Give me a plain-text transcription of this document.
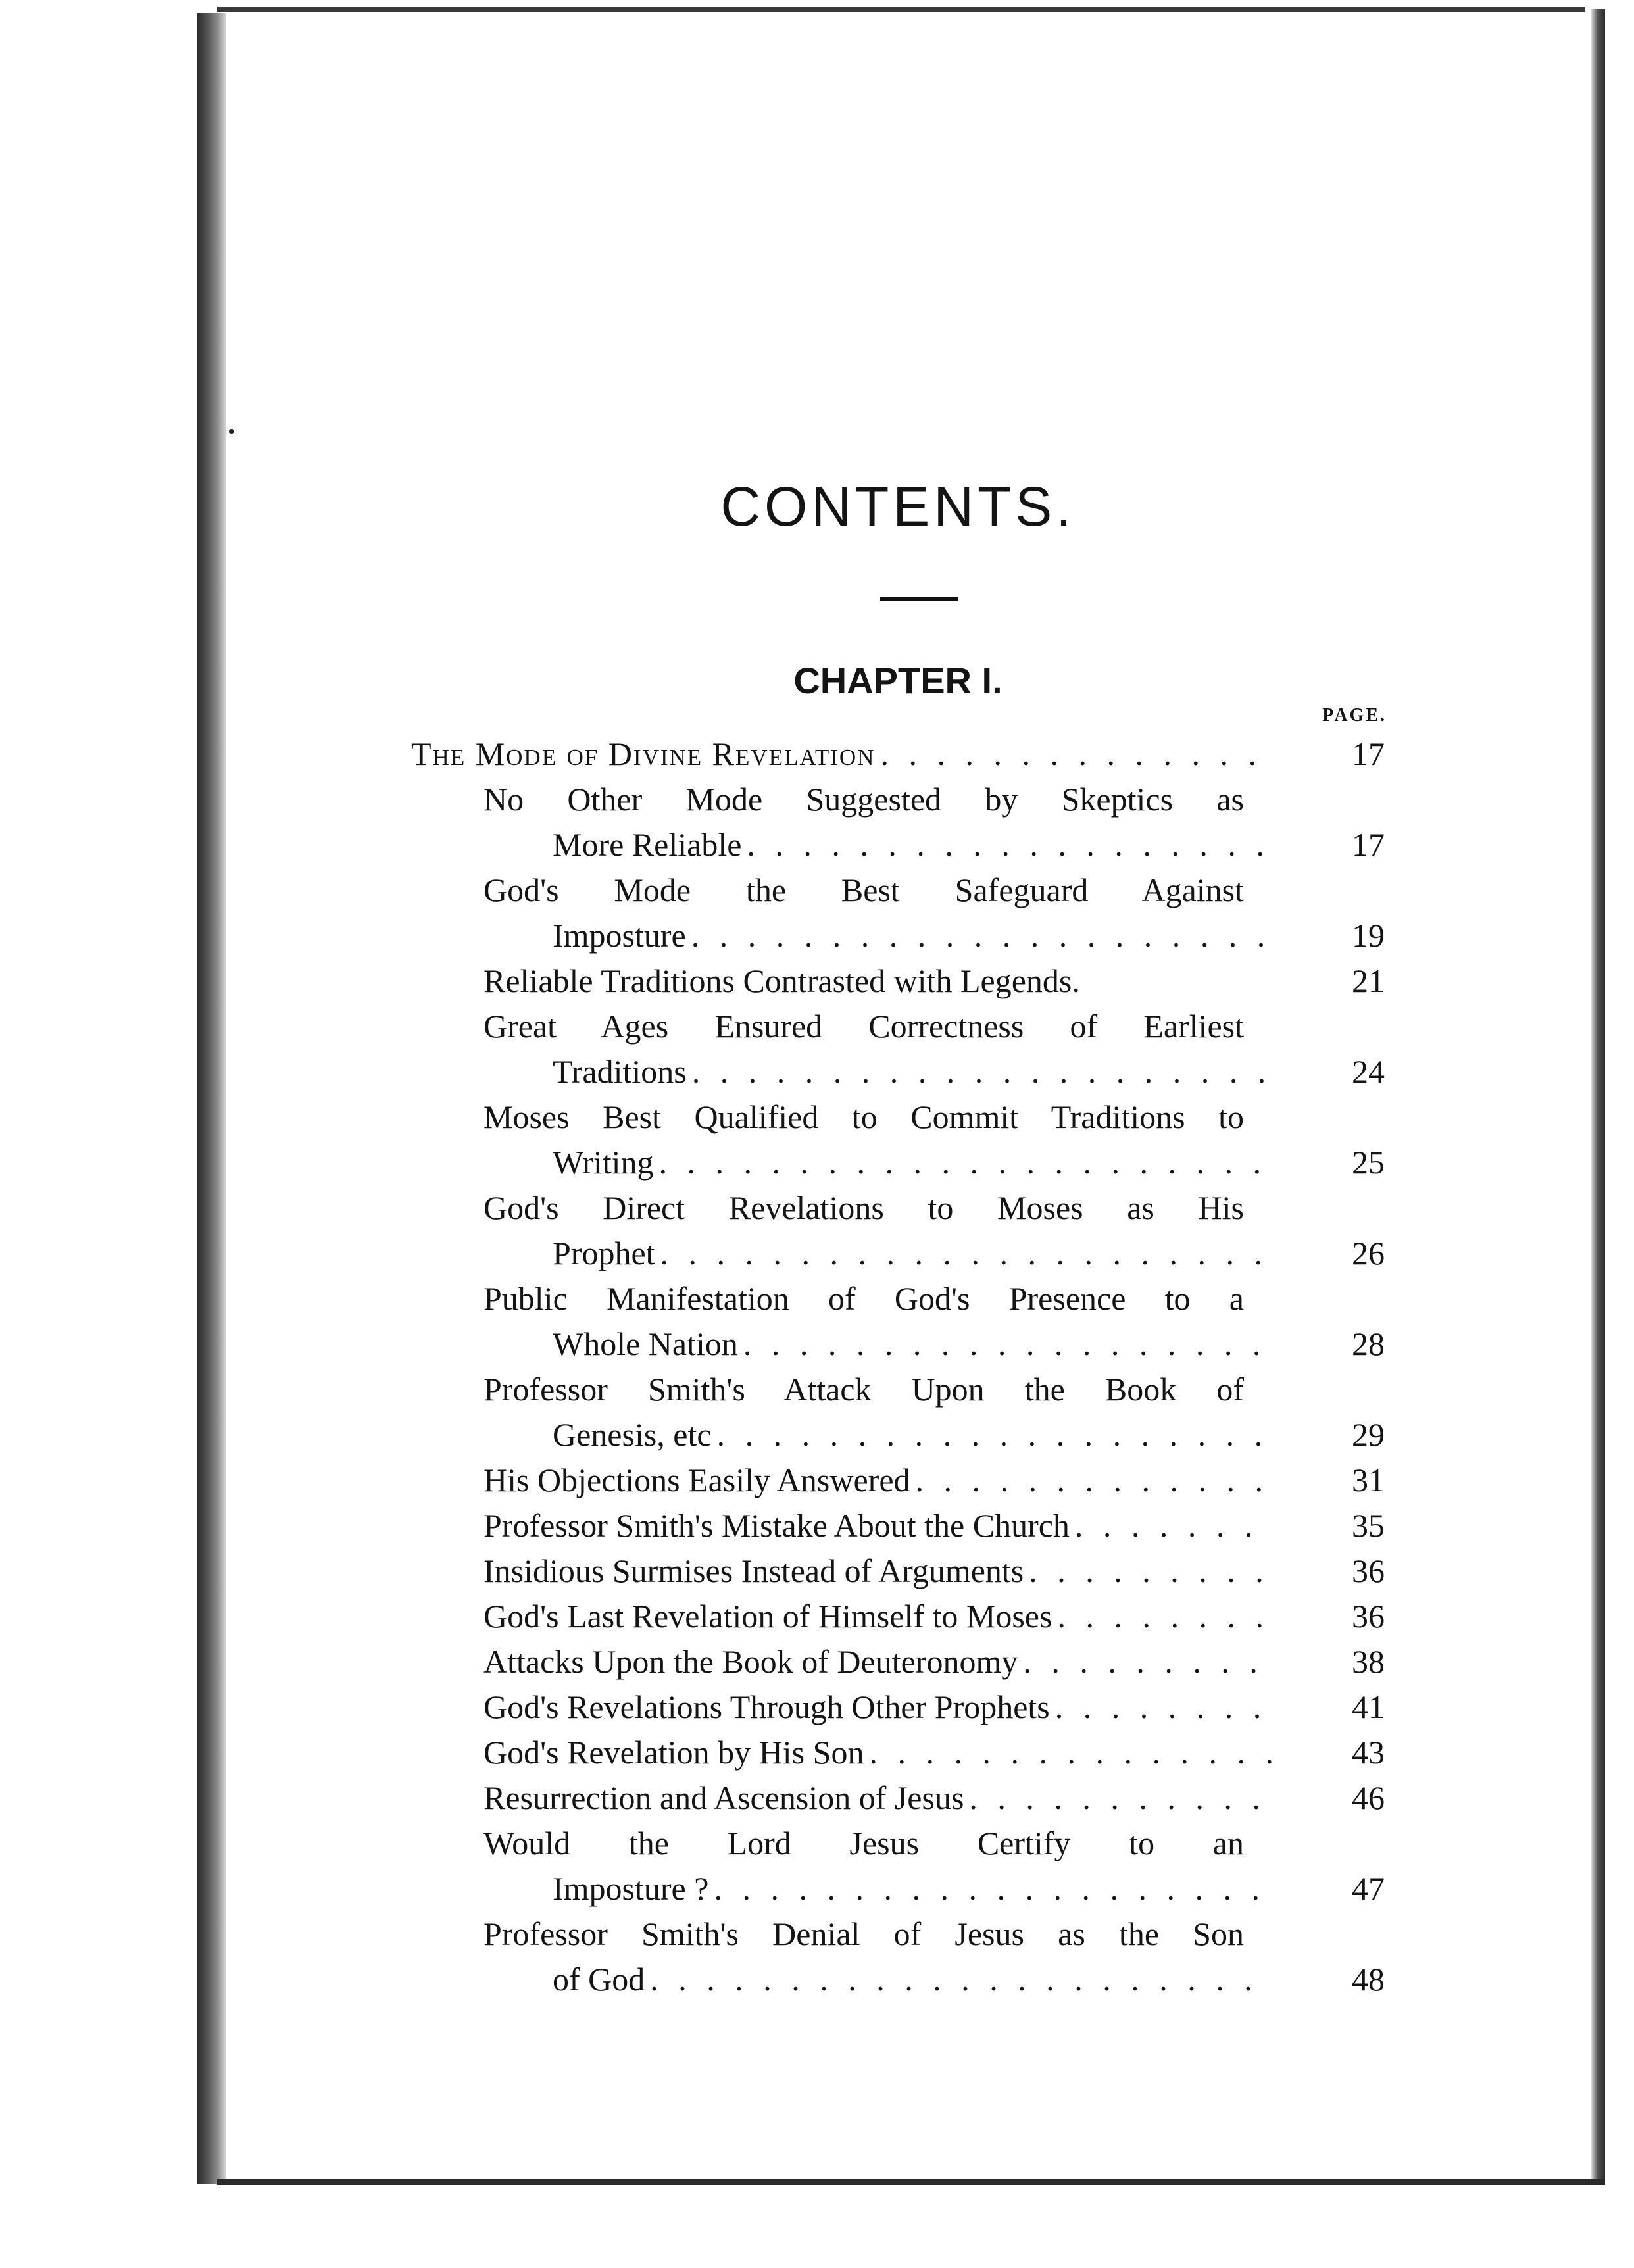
CONTENTS.
CHAPTER I.
PAGE.
The Mode of Divine Revelation . . .	17
No Other Mode Suggested by Skeptics as
More Reliable . . .	17
God's Mode the Best Safeguard Against
Imposture . . .	19
Reliable Traditions Contrasted with Legends.	21
Great Ages Ensured Correctness of Earliest
Traditions . . .	24
Moses Best Qualified to Commit Traditions to
Writing . . .	25
God's Direct Revelations to Moses as His
Prophet . . .	26
Public Manifestation of God's Presence to a
Whole Nation . . .	28
Professor Smith's Attack Upon the Book of
Genesis, etc . . .	29
His Objections Easily Answered . . .	31
Professor Smith's Mistake About the Church . . .	35
Insidious Surmises Instead of Arguments . . .	36
God's Last Revelation of Himself to Moses . . .	36
Attacks Upon the Book of Deuteronomy . . .	38
God's Revelations Through Other Prophets . . .	41
God's Revelation by His Son . . .	43
Resurrection and Ascension of Jesus . . .	46
Would the Lord Jesus Certify to an
Imposture ? . . .	47
Professor Smith's Denial of Jesus as the Son
of God . . .	48
